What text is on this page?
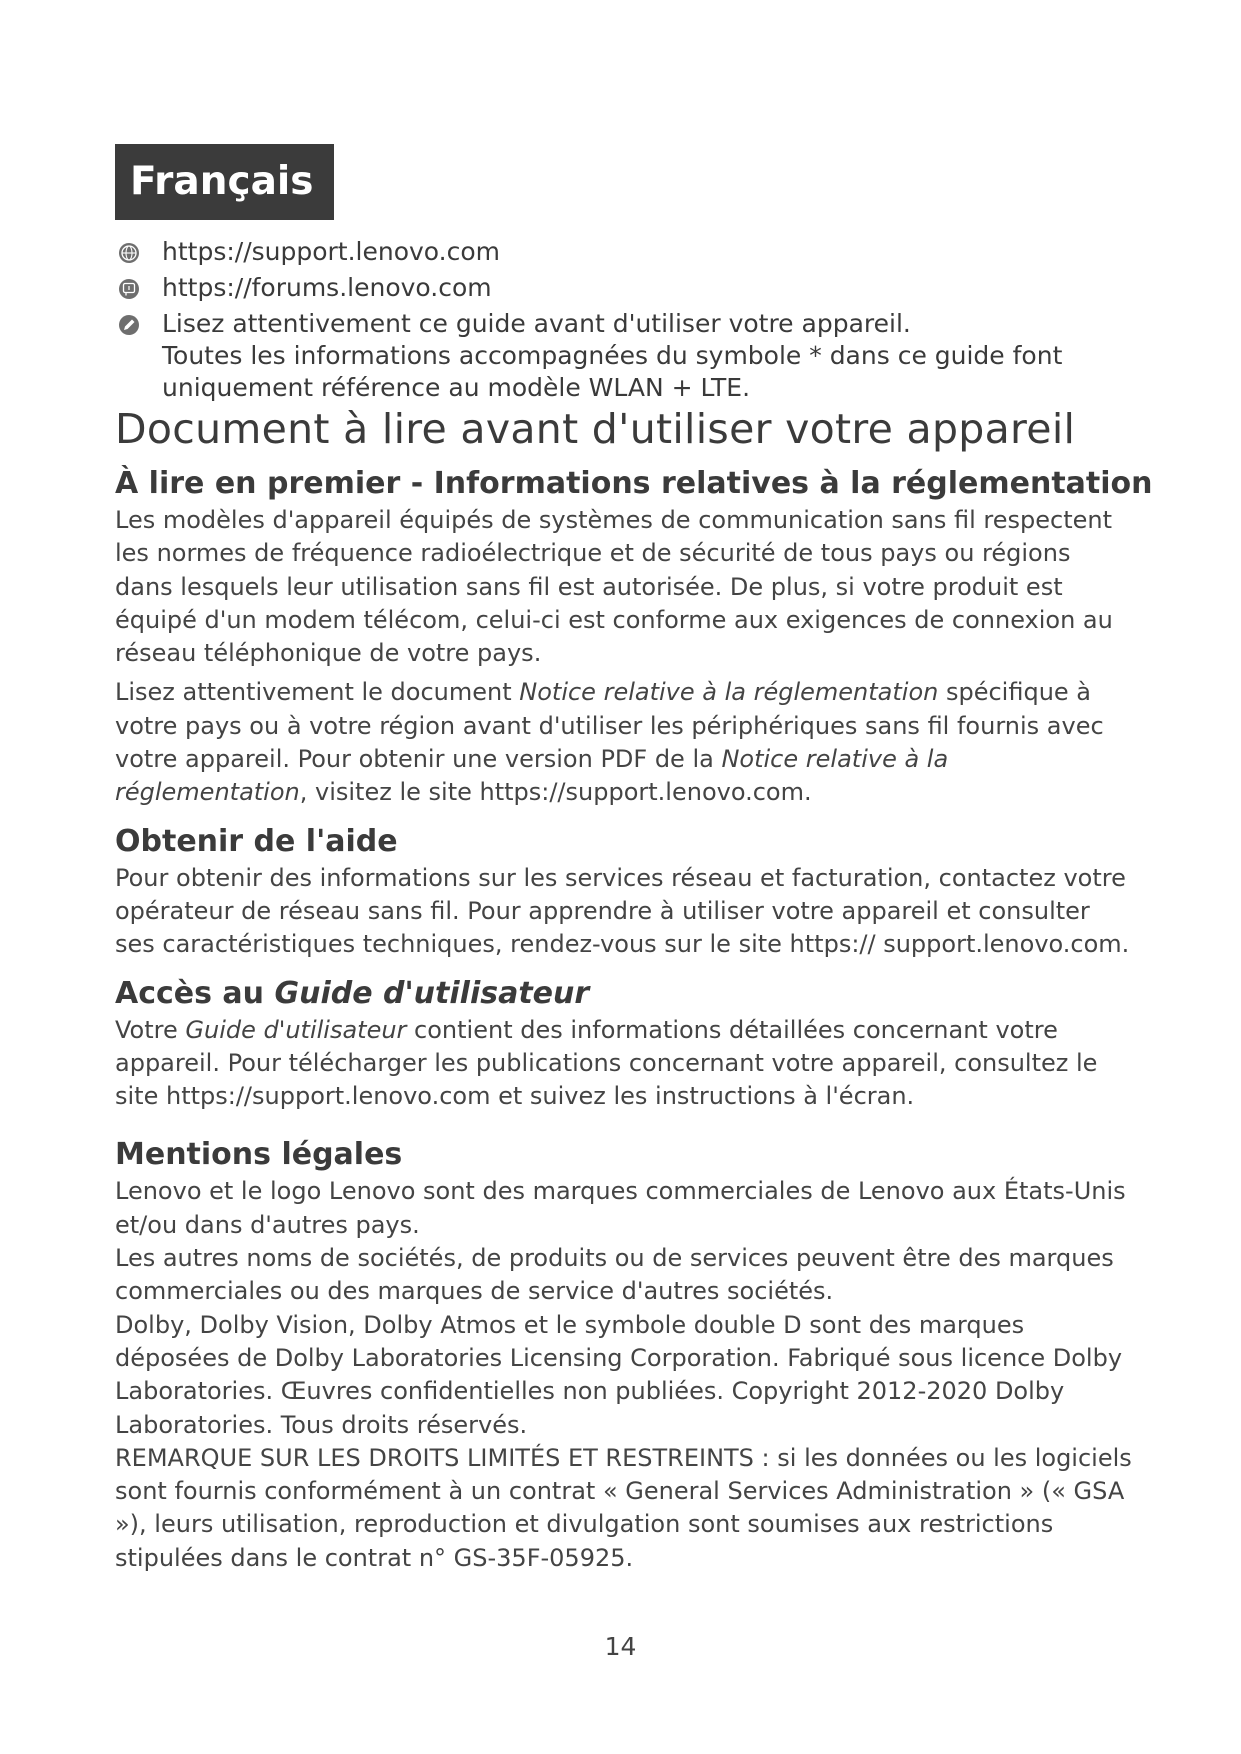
Français
https://support.lenovo.com
https://forums.lenovo.com
Lisez attentivement ce guide avant d'utiliser votre appareil.
Toutes les informations accompagnées du symbole * dans ce guide font
uniquement référence au modèle WLAN + LTE.
Document à lire avant d'utiliser votre appareil
À lire en premier - Informations relatives à la réglementation

Les modèles d'appareil équipés de systèmes de communication sans fil respectent les normes de fréquence radioélectrique et de sécurité de tous pays ou régions dans lesquels leur utilisation sans fil est autorisée. De plus, si votre produit est équipé d'un modem télécom, celui-ci est conforme aux exigences de connexion au réseau téléphonique de votre pays.

Lisez attentivement le document Notice relative à la réglementation spécifique à votre pays ou à votre région avant d'utiliser les périphériques sans fil fournis avec votre appareil. Pour obtenir une version PDF de la Notice relative à la réglementation, visitez le site https://support.lenovo.com.

Obtenir de l'aide

Pour obtenir des informations sur les services réseau et facturation, contactez votre opérateur de réseau sans fil. Pour apprendre à utiliser votre appareil et consulter ses caractéristiques techniques, rendez-vous sur le site https:// support.lenovo.com.

Accès au Guide d'utilisateur

Votre Guide d'utilisateur contient des informations détaillées concernant votre appareil. Pour télécharger les publications concernant votre appareil, consultez le site https://support.lenovo.com et suivez les instructions à l'écran.

Mentions légales

Lenovo et le logo Lenovo sont des marques commerciales de Lenovo aux États-Unis et/ou dans d'autres pays.

Les autres noms de sociétés, de produits ou de services peuvent être des marques commerciales ou des marques de service d'autres sociétés.

Dolby, Dolby Vision, Dolby Atmos et le symbole double D sont des marques déposées de Dolby Laboratories Licensing Corporation. Fabriqué sous licence Dolby Laboratories. Œuvres confidentielles non publiées. Copyright 2012-2020 Dolby Laboratories. Tous droits réservés.

REMARQUE SUR LES DROITS LIMITÉS ET RESTREINTS : si les données ou les logiciels sont fournis conformément à un contrat « General Services Administration » (« GSA »), leurs utilisation, reproduction et divulgation sont soumises aux restrictions stipulées dans le contrat n° GS-35F-05925.

14
